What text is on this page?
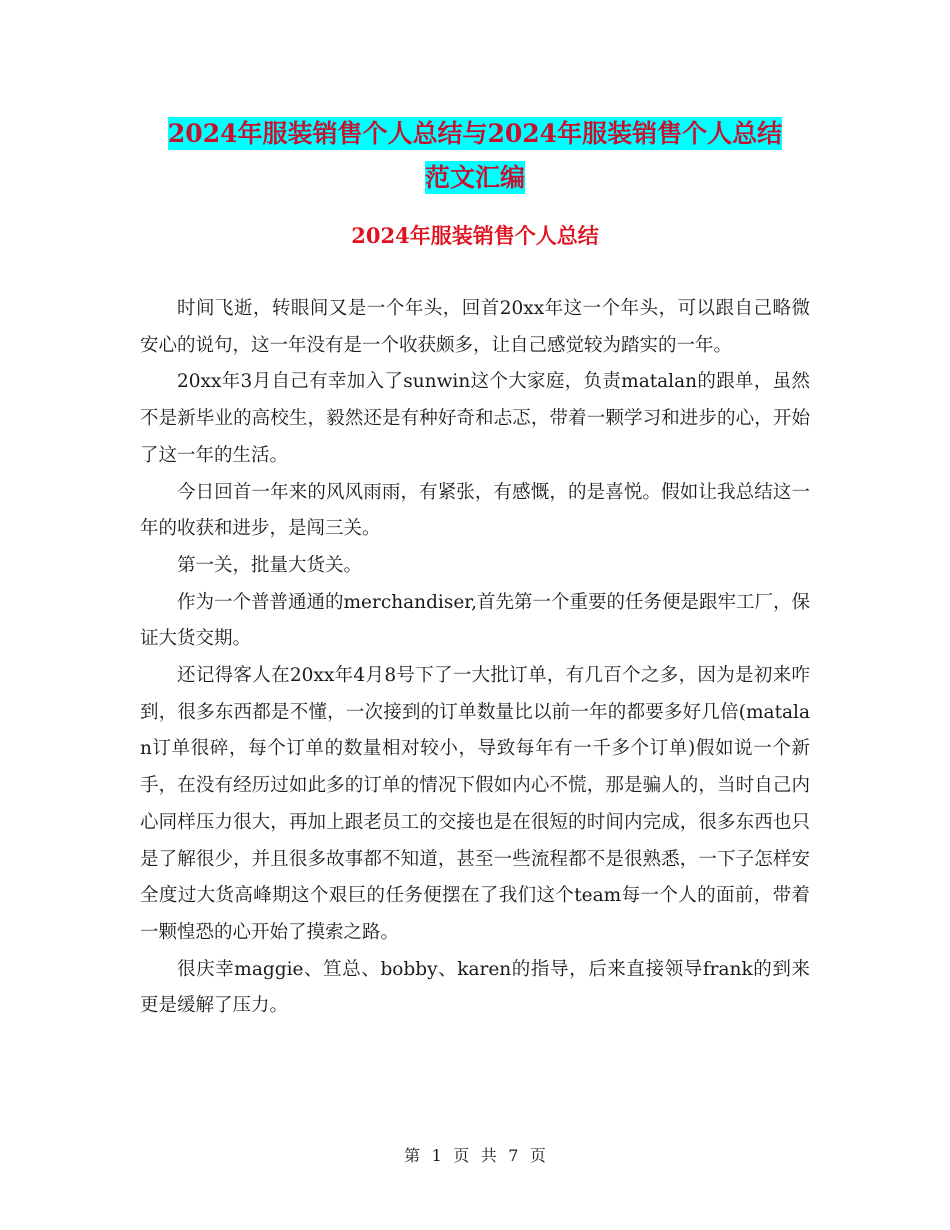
2024年服装销售个人总结与2024年服装销售个人总结
范文汇编
2024年服装销售个人总结

时间飞逝，转眼间又是一个年头，回首20xx年这一个年头，可以跟自己略微安心的说句，这一年没有是一个收获颇多，让自己感觉较为踏实的一年。

20xx年3月自己有幸加入了sunwin这个大家庭，负责matalan的跟单，虽然不是新毕业的高校生，毅然还是有种好奇和忐忑，带着一颗学习和进步的心，开始了这一年的生活。

今日回首一年来的风风雨雨，有紧张，有感慨，的是喜悦。假如让我总结这一年的收获和进步，是闯三关。

第一关，批量大货关。

作为一个普普通通的merchandiser,首先第一个重要的任务便是跟牢工厂，保证大货交期。

还记得客人在20xx年4月8号下了一大批订单，有几百个之多，因为是初来咋到，很多东西都是不懂，一次接到的订单数量比以前一年的都要多好几倍(matalan订单很碎，每个订单的数量相对较小，导致每年有一千多个订单)假如说一个新手，在没有经历过如此多的订单的情况下假如内心不慌，那是骗人的，当时自己内心同样压力很大，再加上跟老员工的交接也是在很短的时间内完成，很多东西也只是了解很少，并且很多故事都不知道，甚至一些流程都不是很熟悉，一下子怎样安全度过大货高峰期这个艰巨的任务便摆在了我们这个team每一个人的面前，带着一颗惶恐的心开始了摸索之路。

很庆幸maggie、笪总、bobby、karen的指导，后来直接领导frank的到来更是缓解了压力。

第 1 页 共 7 页
